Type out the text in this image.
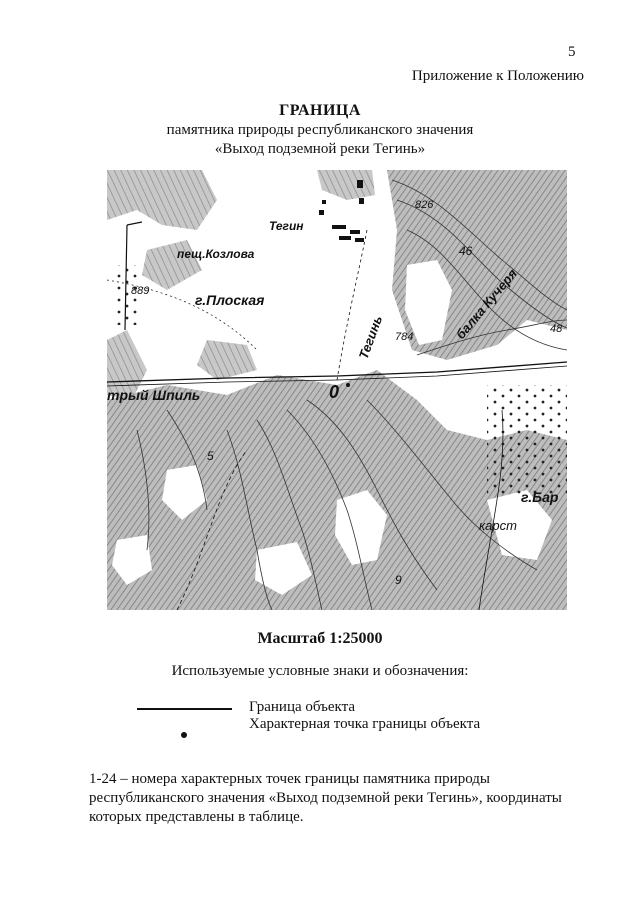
5
Приложение к Положению
ГРАНИЦА
памятника природы республиканского значения
«Выход подземной реки Тегинь»
Тегин
пещ.Козлова
889
г.Плоская
826
46
балка Кучеря
Тегинь 784
48
трый Шпиль
5
г.Бар
карст
9
0
Масштаб 1:25000
Используемые условные знаки и обозначения:
Граница объекта
Характерная точка границы объекта
1-24 – номера характерных точек границы памятника природы республиканского значения «Выход подземной реки Тегинь», координаты которых представлены в таблице.
